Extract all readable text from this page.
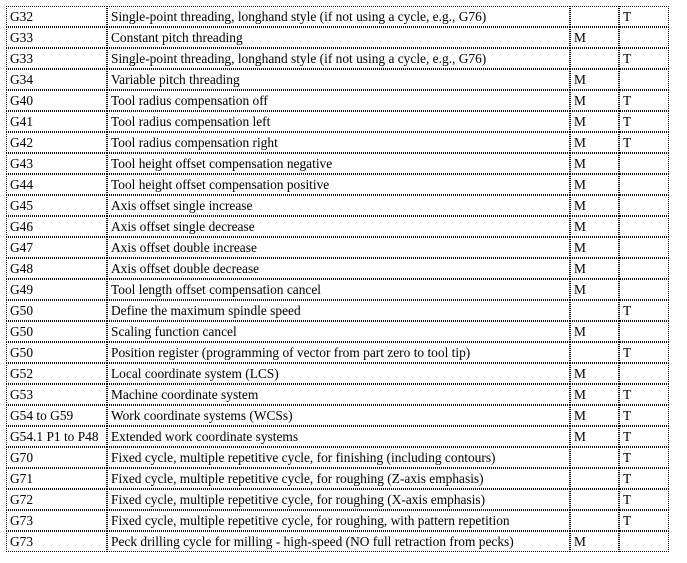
G32	Single-point threading, longhand style (if not using a cycle, e.g., G76)		T
G33	Constant pitch threading	M	
G33	Single-point threading, longhand style (if not using a cycle, e.g., G76)		T
G34	Variable pitch threading	M	
G40	Tool radius compensation off	M	T
G41	Tool radius compensation left	M	T
G42	Tool radius compensation right	M	T
G43	Tool height offset compensation negative	M	
G44	Tool height offset compensation positive	M	
G45	Axis offset single increase	M	
G46	Axis offset single decrease	M	
G47	Axis offset double increase	M	
G48	Axis offset double decrease	M	
G49	Tool length offset compensation cancel	M	
G50	Define the maximum spindle speed		T
G50	Scaling function cancel	M	
G50	Position register (programming of vector from part zero to tool tip)		T
G52	Local coordinate system (LCS)	M	
G53	Machine coordinate system	M	T
G54 to G59	Work coordinate systems (WCSs)	M	T
G54.1 P1 to P48	Extended work coordinate systems	M	T
G70	Fixed cycle, multiple repetitive cycle, for finishing (including contours)		T
G71	Fixed cycle, multiple repetitive cycle, for roughing (Z-axis emphasis)		T
G72	Fixed cycle, multiple repetitive cycle, for roughing (X-axis emphasis)		T
G73	Fixed cycle, multiple repetitive cycle, for roughing, with pattern repetition		T
G73	Peck drilling cycle for milling - high-speed (NO full retraction from pecks)	M	
